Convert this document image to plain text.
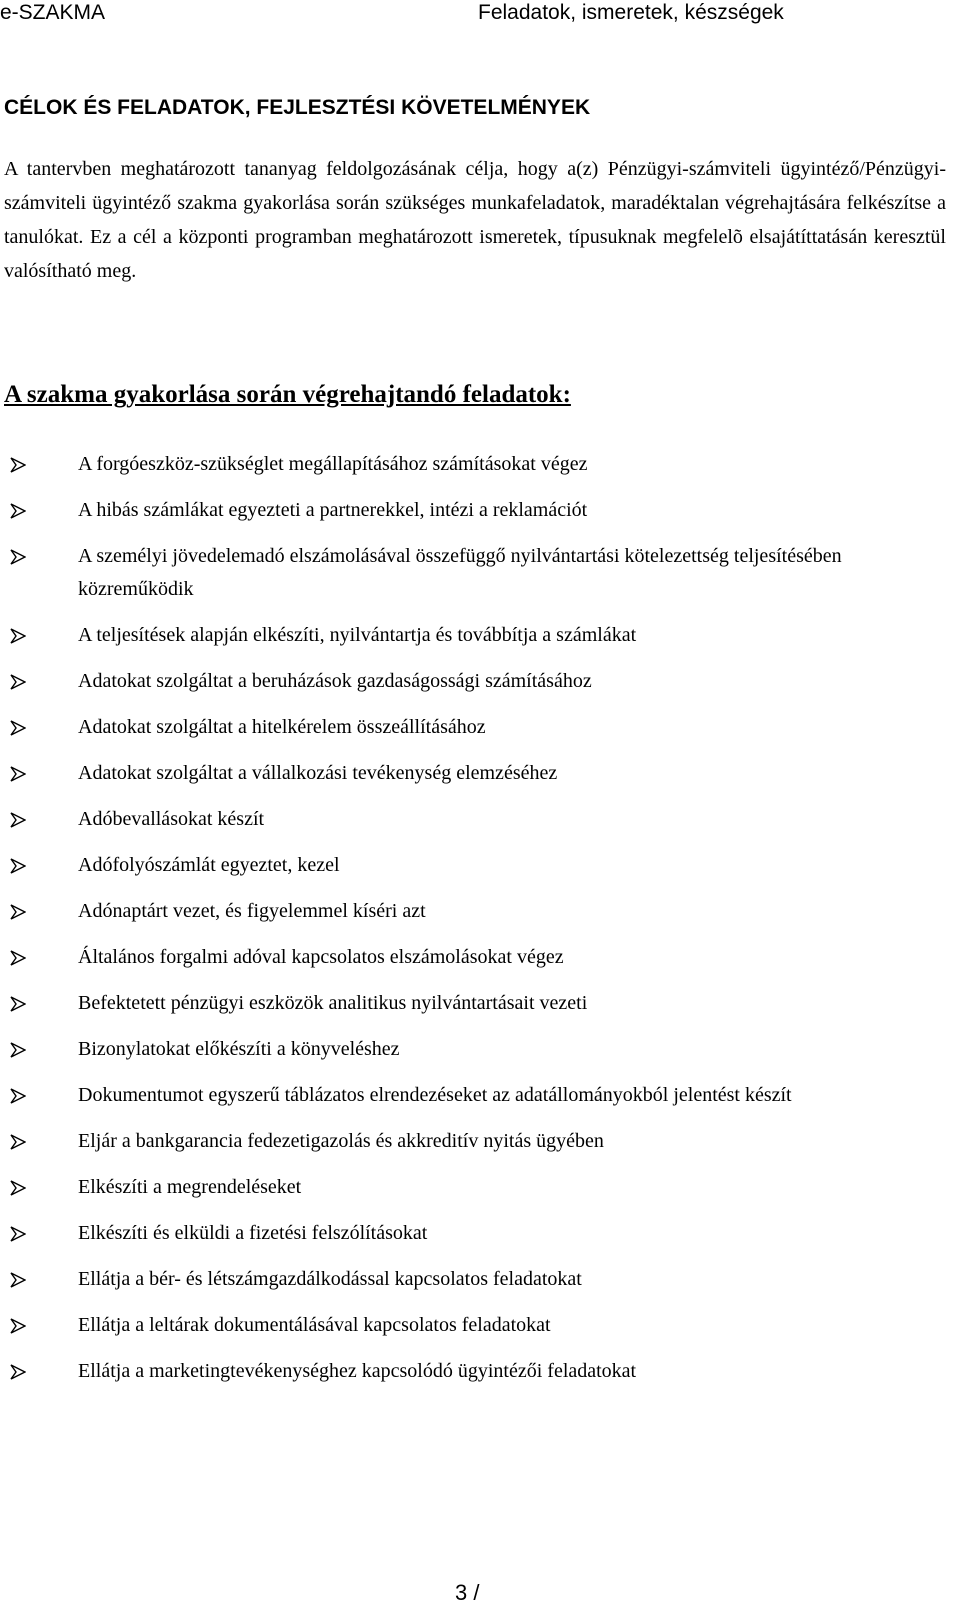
e-SZAKMA	Feladatok, ismeretek, készségek
CÉLOK ÉS FELADATOK, FEJLESZTÉSI KÖVETELMÉNYEK

A tantervben meghatározott tananyag feldolgozásának célja, hogy a(z) Pénzügyi-számviteli ügyintéző/Pénzügyi-számviteli ügyintéző szakma gyakorlása során szükséges munkafeladatok, maradéktalan végrehajtására felkészítse a tanulókat. Ez a cél a központi programban meghatározott ismeretek, típusuknak megfelelõ elsajátíttatásán keresztül valósítható meg.

A szakma gyakorlása során végrehajtandó feladatok:
A forgóeszköz-szükséglet megállapításához számításokat végez
A hibás számlákat egyezteti a partnerekkel, intézi a reklamációt
A személyi jövedelemadó elszámolásával összefüggő nyilvántartási kötelezettség teljesítésében közreműködik
A teljesítések alapján elkészíti, nyilvántartja és továbbítja a számlákat
Adatokat szolgáltat a beruházások gazdaságossági számításához
Adatokat szolgáltat a hitelkérelem összeállításához
Adatokat szolgáltat a vállalkozási tevékenység elemzéséhez
Adóbevallásokat készít
Adófolyószámlát egyeztet, kezel
Adónaptárt vezet, és figyelemmel kíséri azt
Általános forgalmi adóval kapcsolatos elszámolásokat végez
Befektetett pénzügyi eszközök analitikus nyilvántartásait vezeti
Bizonylatokat előkészíti a könyveléshez
Dokumentumot egyszerű táblázatos elrendezéseket az adatállományokból jelentést készít
Eljár a bankgarancia fedezetigazolás és akkreditív nyitás ügyében
Elkészíti a megrendeléseket
Elkészíti és elküldi a fizetési felszólításokat
Ellátja a bér- és létszámgazdálkodással kapcsolatos feladatokat
Ellátja a leltárak dokumentálásával kapcsolatos feladatokat
Ellátja a marketingtevékenységhez kapcsolódó ügyintézői feladatokat
3 /
